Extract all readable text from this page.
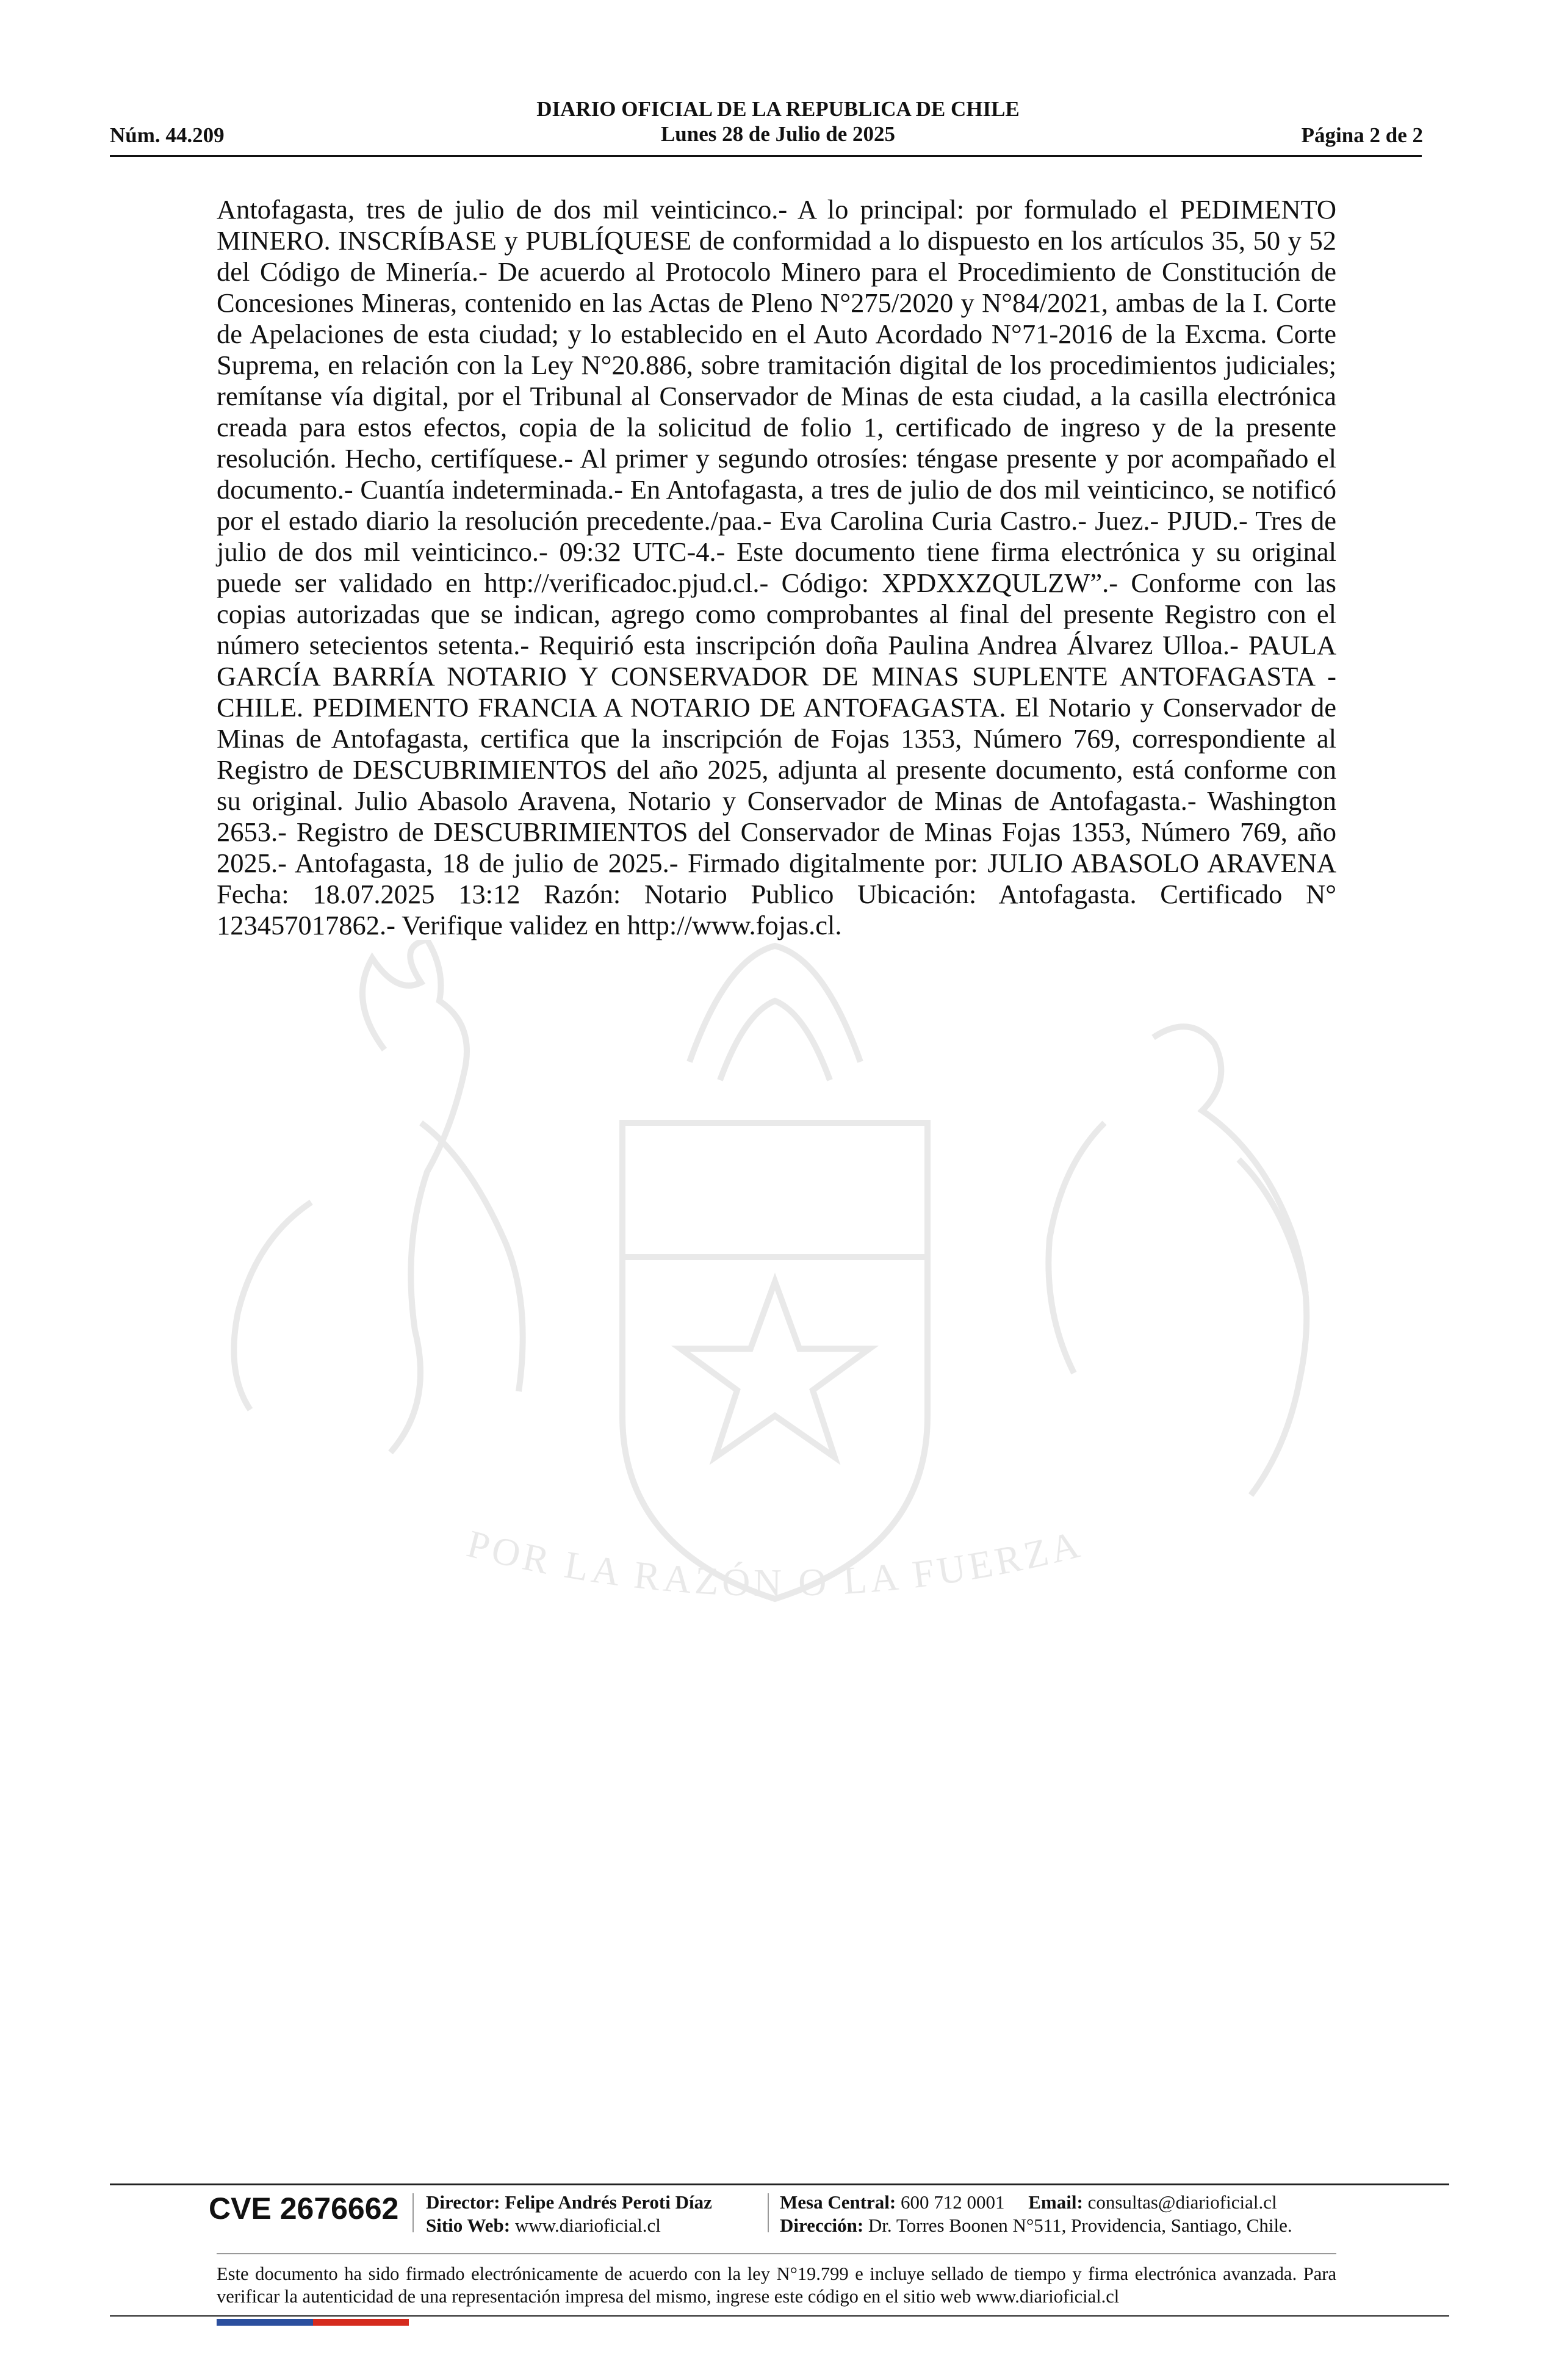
DIARIO OFICIAL DE LA REPUBLICA DE CHILE
Lunes 28 de Julio de 2025
Núm. 44.209	Página 2 de 2
POR LA RAZÓN O LA FUERZA

Antofagasta, tres de julio de dos mil veinticinco.- A lo principal: por formulado el PEDIMENTO MINERO. INSCRÍBASE y PUBLÍQUESE de conformidad a lo dispuesto en los artículos 35, 50 y 52 del Código de Minería.- De acuerdo al Protocolo Minero para el Procedimiento de Constitución de Concesiones Mineras, contenido en las Actas de Pleno N°275/2020 y N°84/2021, ambas de la I. Corte de Apelaciones de esta ciudad; y lo establecido en el Auto Acordado N°71-2016 de la Excma. Corte Suprema, en relación con la Ley N°20.886, sobre tramitación digital de los procedimientos judiciales; remítanse vía digital, por el Tribunal al Conservador de Minas de esta ciudad, a la casilla electrónica creada para estos efectos, copia de la solicitud de folio 1, certificado de ingreso y de la presente resolución. Hecho, certifíquese.- Al primer y segundo otrosíes: téngase presente y por acompañado el documento.- Cuantía indeterminada.- En Antofagasta, a tres de julio de dos mil veinticinco, se notificó por el estado diario la resolución precedente./paa.- Eva Carolina Curia Castro.- Juez.- PJUD.- Tres de julio de dos mil veinticinco.- 09:32 UTC-4.- Este documento tiene firma electrónica y su original puede ser validado en http://verificadoc.pjud.cl.- Código: XPDXXZQULZW”.- Conforme con las copias autorizadas que se indican, agrego como comprobantes al final del presente Registro con el número setecientos setenta.- Requirió esta inscripción doña Paulina Andrea Álvarez Ulloa.- PAULA GARCÍA BARRÍA NOTARIO Y CONSERVADOR DE MINAS SUPLENTE ANTOFAGASTA - CHILE. PEDIMENTO FRANCIA A NOTARIO DE ANTOFAGASTA. El Notario y Conservador de Minas de Antofagasta, certifica que la inscripción de Fojas 1353, Número 769, correspondiente al Registro de DESCUBRIMIENTOS del año 2025, adjunta al presente documento, está conforme con su original. Julio Abasolo Aravena, Notario y Conservador de Minas de Antofagasta.- Washington 2653.- Registro de DESCUBRIMIENTOS del Conservador de Minas Fojas 1353, Número 769, año 2025.- Antofagasta, 18 de julio de 2025.- Firmado digitalmente por: JULIO ABASOLO ARAVENA Fecha: 18.07.2025 13:12 Razón: Notario Publico Ubicación: Antofagasta. Certificado N° 123457017862.- Verifique validez en http://www.fojas.cl.

CVE 2676662 Director: Felipe Andrés Peroti Díaz
Sitio Web: www.diarioficial.cl
Mesa Central: 600 712 0001 Email: consultas@diarioficial.cl
Dirección: Dr. Torres Boonen N°511, Providencia, Santiago, Chile.

Este documento ha sido firmado electrónicamente de acuerdo con la ley N°19.799 e incluye sellado de tiempo y firma electrónica avanzada. Para verificar la autenticidad de una representación impresa del mismo, ingrese este código en el sitio web www.diarioficial.cl
